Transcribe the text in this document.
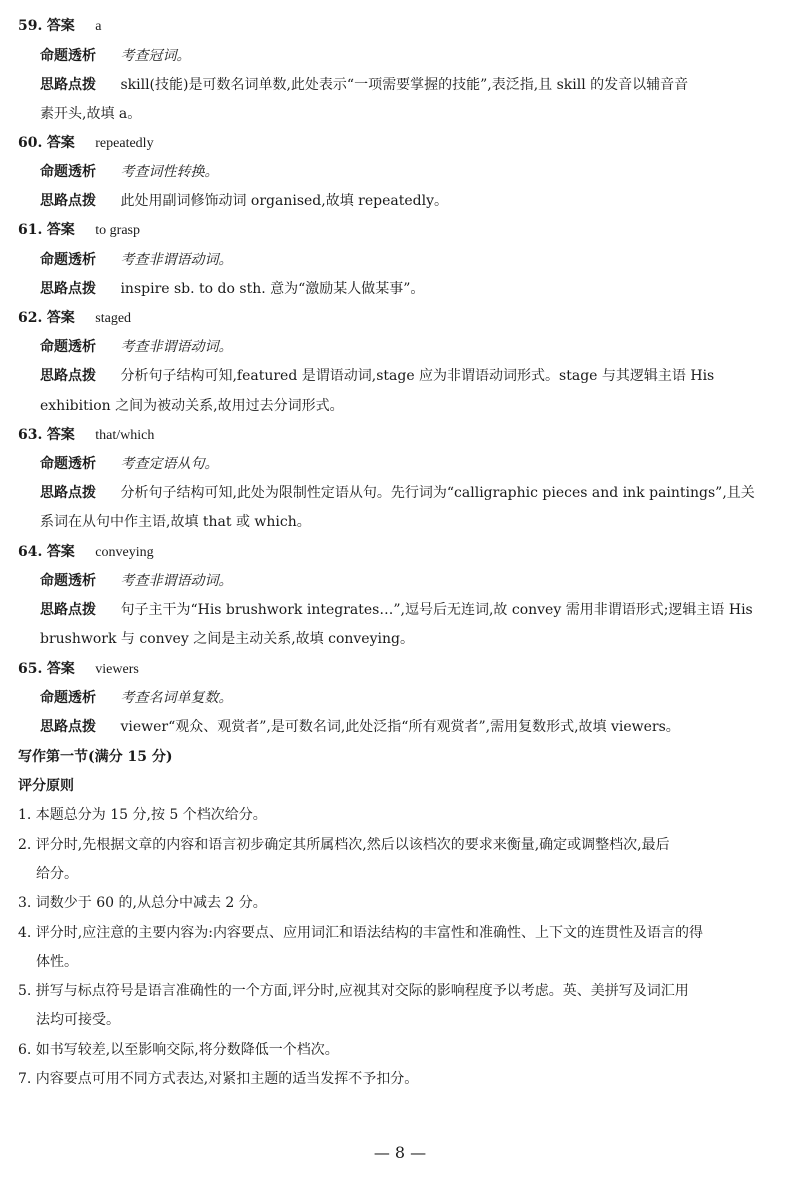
59. 答案 a
命题透析 考查冠词。
思路点拨 skill(技能)是可数名词单数,此处表示“一项需要掌握的技能”,表泛指,且 skill 的发音以辅音音
素开头,故填 a。
60. 答案 repeatedly
命题透析 考查词性转换。
思路点拨 此处用副词修饰动词 organised,故填 repeatedly。
61. 答案 to grasp
命题透析 考查非谓语动词。
思路点拨 inspire sb. to do sth. 意为“激励某人做某事”。
62. 答案 staged
命题透析 考查非谓语动词。
思路点拨 分析句子结构可知,featured 是谓语动词,stage 应为非谓语动词形式。stage 与其逻辑主语 His
exhibition 之间为被动关系,故用过去分词形式。
63. 答案 that/which
命题透析 考查定语从句。
思路点拨 分析句子结构可知,此处为限制性定语从句。先行词为“calligraphic pieces and ink paintings”,且关
系词在从句中作主语,故填 that 或 which。
64. 答案 conveying
命题透析 考查非谓语动词。
思路点拨 句子主干为“His brushwork integrates…”,逗号后无连词,故 convey 需用非谓语形式;逻辑主语 His
brushwork 与 convey 之间是主动关系,故填 conveying。
65. 答案 viewers
命题透析 考查名词单复数。
思路点拨 viewer“观众、观赏者”,是可数名词,此处泛指“所有观赏者”,需用复数形式,故填 viewers。
写作第一节(满分 15 分)
评分原则
1. 本题总分为 15 分,按 5 个档次给分。
2. 评分时,先根据文章的内容和语言初步确定其所属档次,然后以该档次的要求来衡量,确定或调整档次,最后
给分。
3. 词数少于 60 的,从总分中减去 2 分。
4. 评分时,应注意的主要内容为:内容要点、应用词汇和语法结构的丰富性和准确性、上下文的连贯性及语言的得
体性。
5. 拼写与标点符号是语言准确性的一个方面,评分时,应视其对交际的影响程度予以考虑。英、美拼写及词汇用
法均可接受。
6. 如书写较差,以至影响交际,将分数降低一个档次。
7. 内容要点可用不同方式表达,对紧扣主题的适当发挥不予扣分。
— 8 —
